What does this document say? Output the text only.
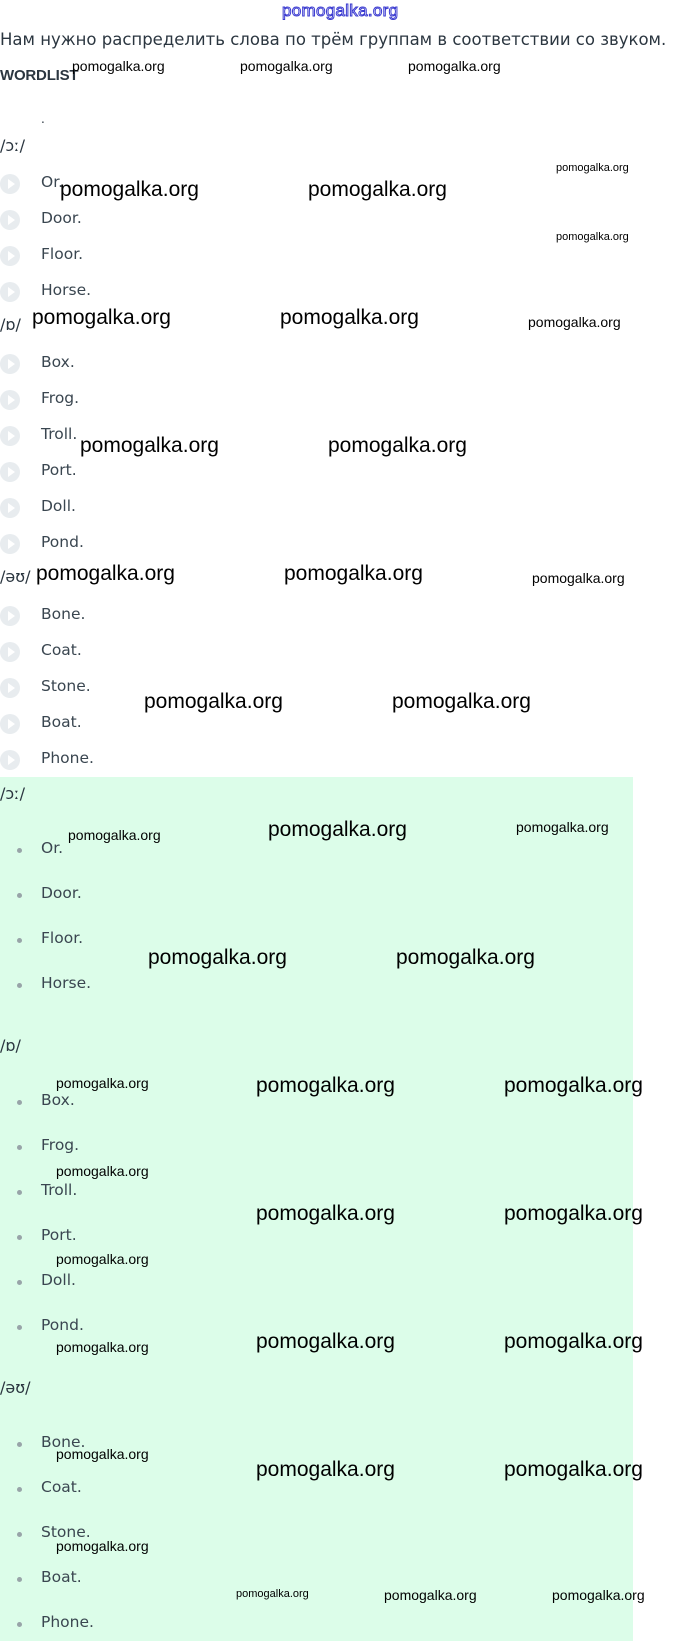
pomogalka.org
Нам нужно распределить слова по трём группам в соответствии со звуком.
WORDLIST
.
/ɔː/
Or.
Door.
Floor.
Horse.
/ɒ/
Box.
Frog.
Troll.
Port.
Doll.
Pond.
/əʊ/
Bone.
Coat.
Stone.
Boat.
Phone.
/ɔː/
Or.
Door.
Floor.
Horse.
/ɒ/
Box.
Frog.
Troll.
Port.
Doll.
Pond.
/əʊ/
Bone.
Coat.
Stone.
Boat.
Phone.
pomogalka.org	pomogalka.org	pomogalka.org
pomogalka.org
pomogalka.org	pomogalka.org
pomogalka.org
pomogalka.org	pomogalka.org	pomogalka.org
pomogalka.org	pomogalka.org
pomogalka.org	pomogalka.org	pomogalka.org
pomogalka.org	pomogalka.org
pomogalka.org	pomogalka.org	pomogalka.org
pomogalka.org	pomogalka.org
pomogalka.org	pomogalka.org	pomogalka.org
pomogalka.org
pomogalka.org	pomogalka.org
pomogalka.org
pomogalka.org	pomogalka.org	pomogalka.org
pomogalka.org
pomogalka.org	pomogalka.org
pomogalka.org
pomogalka.org	pomogalka.org	pomogalka.org
